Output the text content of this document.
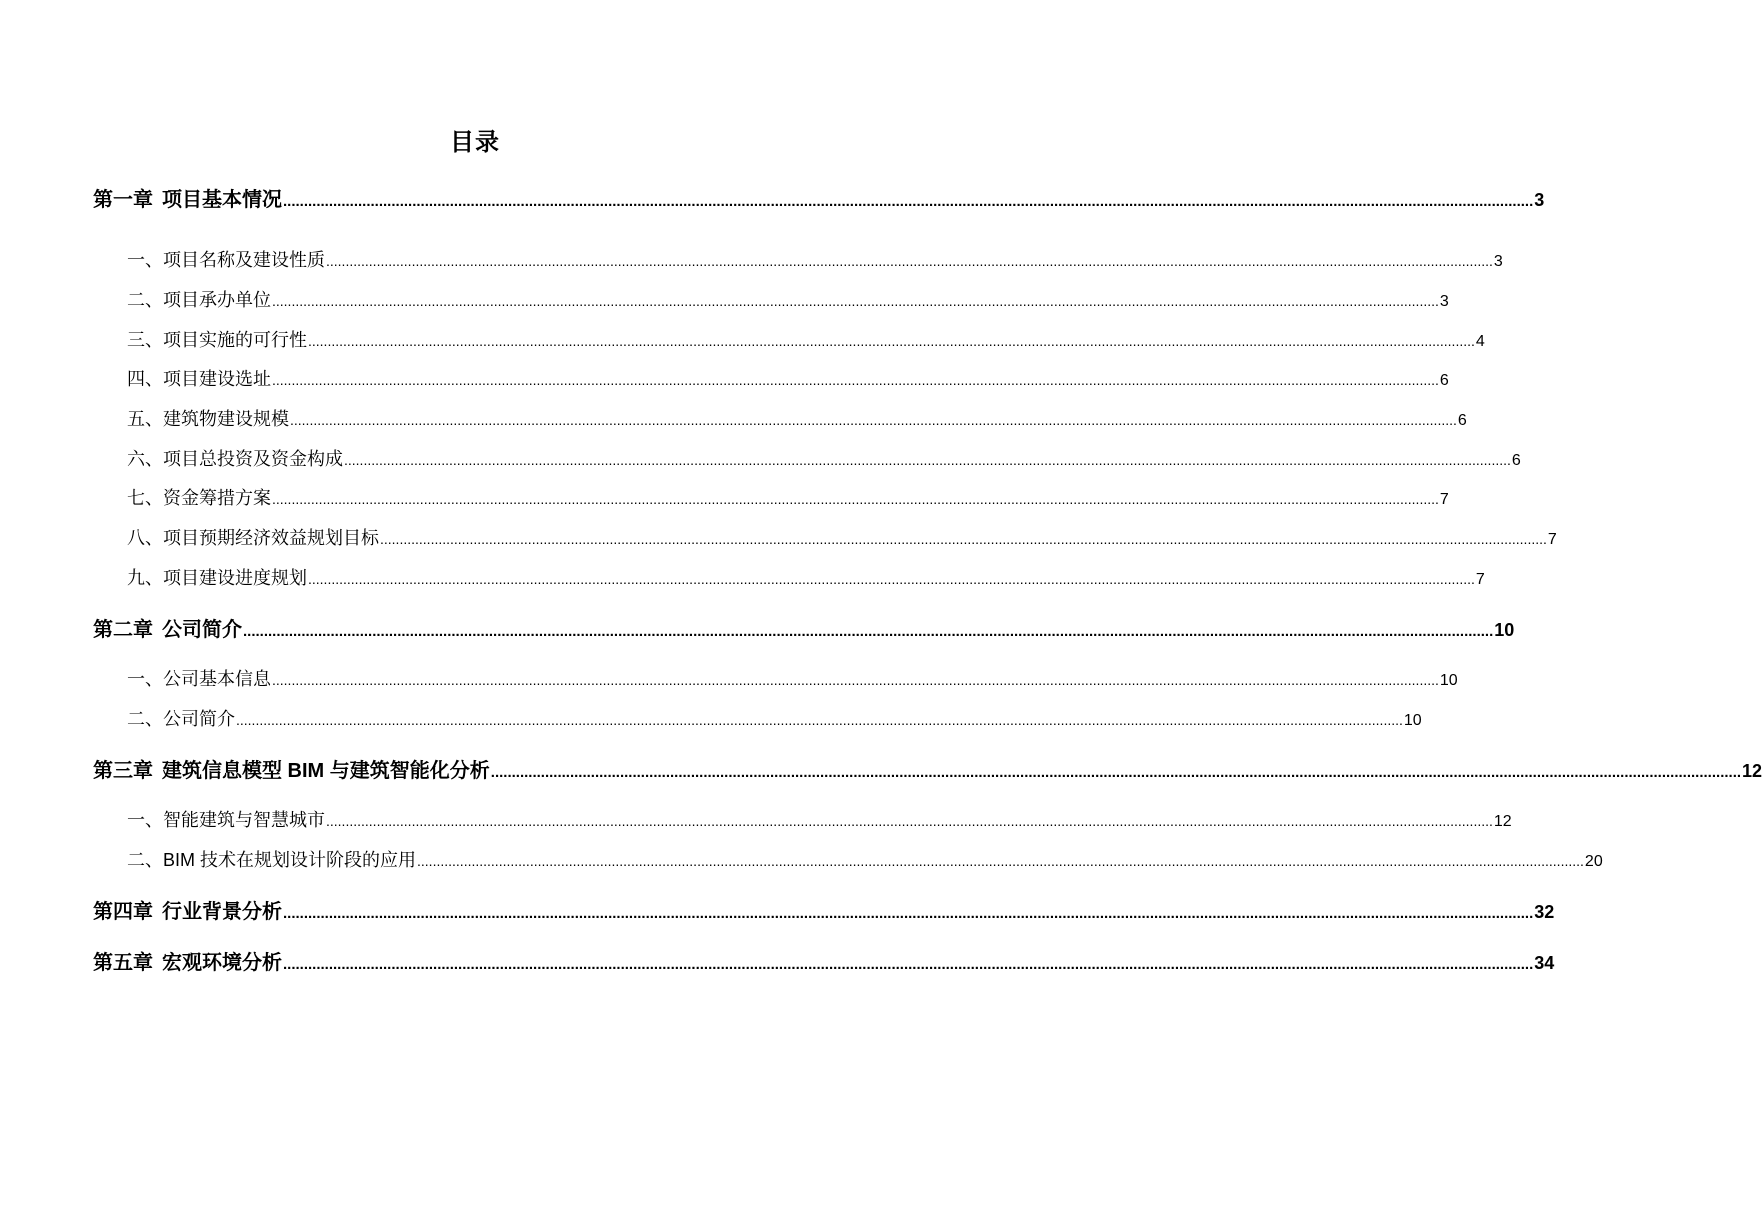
目录
第一章 项目基本情况 ............................................................................................................................................................................................................................................................................................................ 3
一、 项目名称及建设性质 ............................................................................................................................................................................................................................................................................................................ 3
二、 项目承办单位 ............................................................................................................................................................................................................................................................................................................ 3
三、 项目实施的可行性 ............................................................................................................................................................................................................................................................................................................ 4
四、 项目建设选址 ............................................................................................................................................................................................................................................................................................................ 6
五、 建筑物建设规模 ............................................................................................................................................................................................................................................................................................................ 6
六、 项目总投资及资金构成 ............................................................................................................................................................................................................................................................................................................ 6
七、 资金筹措方案 ............................................................................................................................................................................................................................................................................................................ 7
八、 项目预期经济效益规划目标 ............................................................................................................................................................................................................................................................................................................ 7
九、 项目建设进度规划 ............................................................................................................................................................................................................................................................................................................ 7
第二章 公司简介 ............................................................................................................................................................................................................................................................................................................ 10
一、 公司基本信息 ............................................................................................................................................................................................................................................................................................................ 10
二、 公司简介 ............................................................................................................................................................................................................................................................................................................ 10
第三章 建筑信息模型 BIM 与建筑智能化分析 ............................................................................................................................................................................................................................................................................................................ 12
一、 智能建筑与智慧城市 ............................................................................................................................................................................................................................................................................................................ 12
二、 BIM 技术在规划设计阶段的应用 ............................................................................................................................................................................................................................................................................................................ 20
第四章 行业背景分析 ............................................................................................................................................................................................................................................................................................................ 32
第五章 宏观环境分析 ............................................................................................................................................................................................................................................................................................................ 34
